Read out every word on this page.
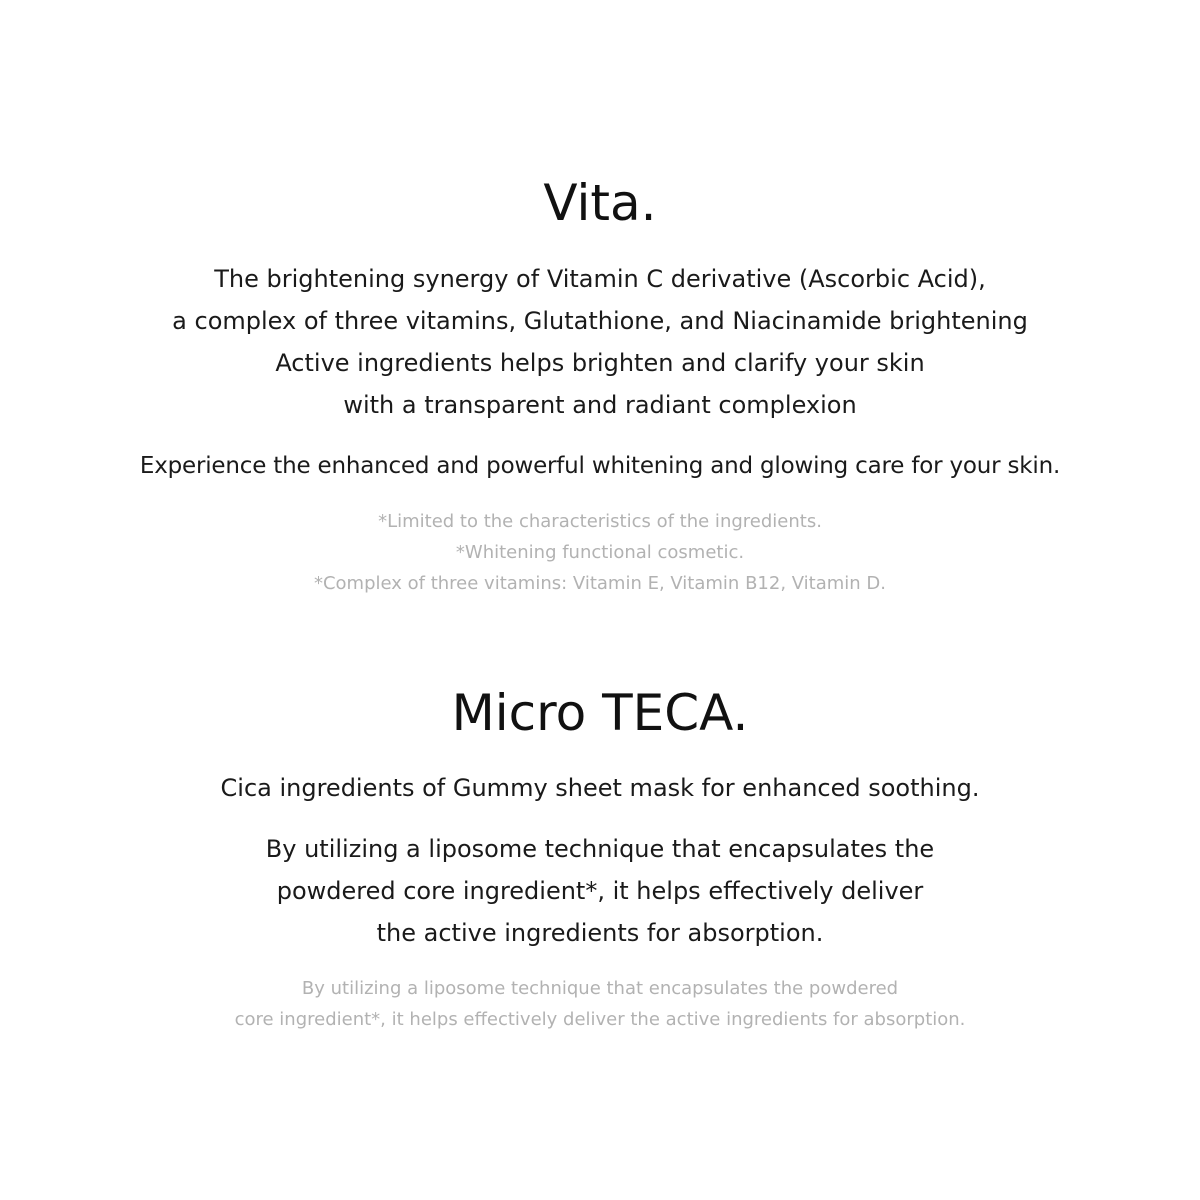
Vita.
The brightening synergy of Vitamin C derivative (Ascorbic Acid),
a complex of three vitamins, Glutathione, and Niacinamide brightening
Active ingredients helps brighten and clarify your skin
with a transparent and radiant complexion
Experience the enhanced and powerful whitening and glowing care for your skin.
*Limited to the characteristics of the ingredients.
*Whitening functional cosmetic.
*Complex of three vitamins: Vitamin E, Vitamin B12, Vitamin D.
Micro TECA.
Cica ingredients of Gummy sheet mask for enhanced soothing.
By utilizing a liposome technique that encapsulates the
powdered core ingredient*, it helps effectively deliver
the active ingredients for absorption.
By utilizing a liposome technique that encapsulates the powdered
core ingredient*, it helps effectively deliver the active ingredients for absorption.
